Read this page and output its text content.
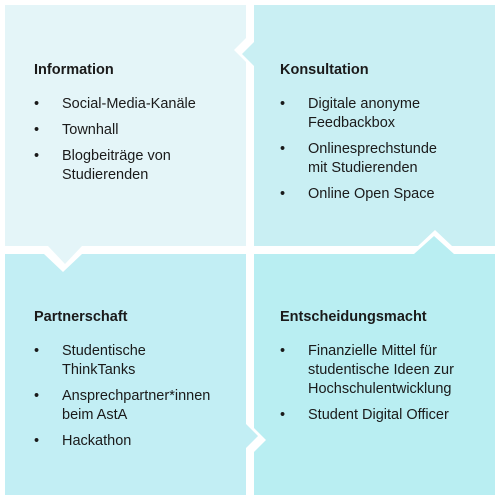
Information
• Social-Media-Kanäle
• Townhall
• Blogbeiträge von Studierenden
Konsultation
• Digitale anonyme Feedbackbox
• Onlinesprechstunde mit Studierenden
• Online Open Space
Partnerschaft
• Studentische ThinkTanks
• Ansprechpartner*innen beim AstA
• Hackathon
Entscheidungsmacht
• Finanzielle Mittel für studentische Ideen zur Hochschulentwicklung
• Student Digital Officer
